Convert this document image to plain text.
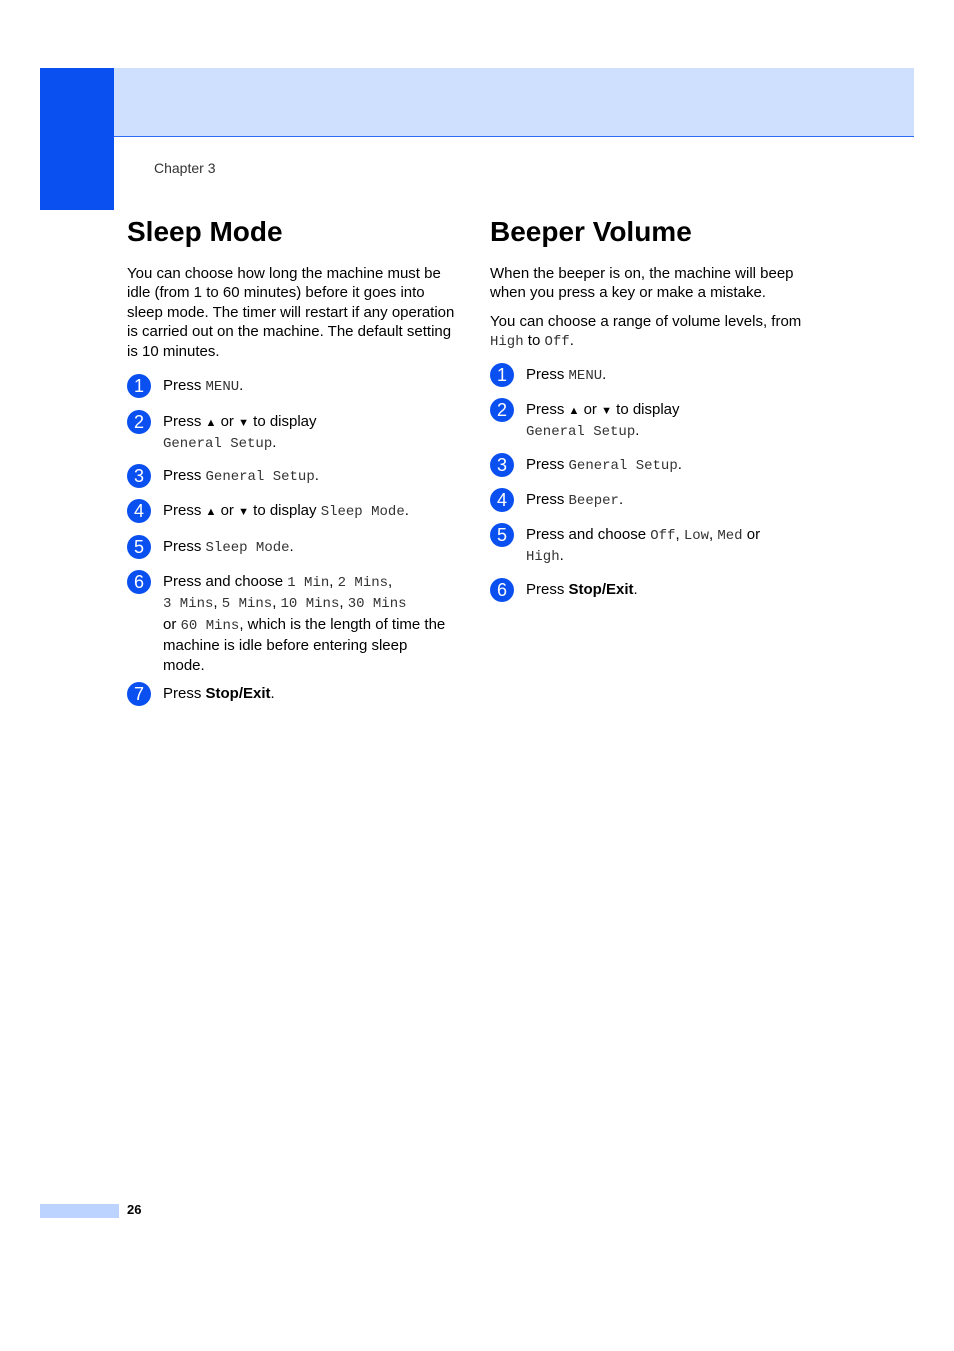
Chapter 3
Sleep Mode

You can choose how long the machine must be idle (from 1 to 60 minutes) before it goes into sleep mode. The timer will restart if any operation is carried out on the machine. The default setting is 10 minutes.

1	Press MENU.
2	Press ▲ or ▼ to display
General Setup.
3	Press General Setup.
4	Press ▲ or ▼ to display Sleep Mode.
5	Press Sleep Mode.
6	Press and choose 1 Min, 2 Mins,
3 Mins, 5 Mins, 10 Mins, 30 Mins
or 60 Mins, which is the length of time the machine is idle before entering sleep mode.
7	Press Stop/Exit.
Beeper Volume

When the beeper is on, the machine will beep when you press a key or make a mistake.

You can choose a range of volume levels, from High to Off.

1	Press MENU.
2	Press ▲ or ▼ to display
General Setup.
3	Press General Setup.
4	Press Beeper.
5	Press and choose Off, Low, Med or
High.
6	Press Stop/Exit.
26
